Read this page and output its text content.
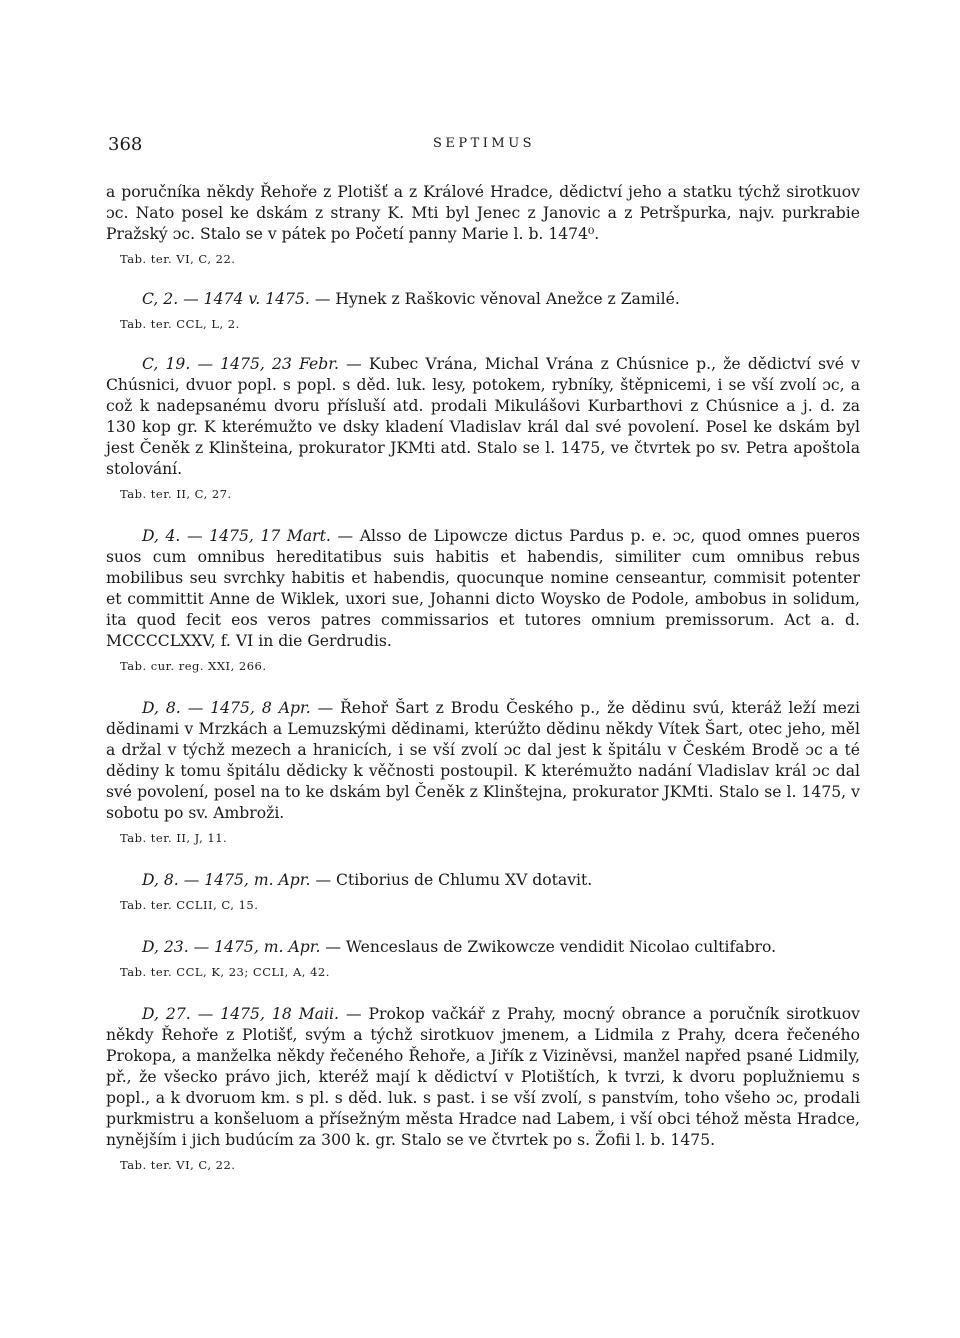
368	SEPTIMUS

a poručníka někdy Řehoře z Plotišť a z Králové Hradce, dědictví jeho a statku týchž sirotkuov ɔc. Nato posel ke dskám z strany K. Mti byl Jenec z Janovic a z Petršpurka, najv. purkrabie Pražský ɔc. Stalo se v pátek po Početí panny Marie l. b. 1474⁰.

Tab. ter. VI, C, 22.

C, 2. — 1474 v. 1475. — Hynek z Raškovic věnoval Anežce z Zamilé.

Tab. ter. CCL, L, 2.

C, 19. — 1475, 23 Febr. — Kubec Vrána, Michal Vrána z Chúsnice p., že dědictví své v Chúsnici, dvuor popl. s popl. s děd. luk. lesy, potokem, rybníky, štěpnicemi, i se vší zvolí ɔc, a což k nadepsanému dvoru přísluší atd. prodali Mikulášovi Kurbarthovi z Chúsnice a j. d. za 130 kop gr. K kterémužto ve dsky kladení Vladislav král dal své povolení. Posel ke dskám byl jest Čeněk z Klinšteina, prokurator JKMti atd. Stalo se l. 1475, ve čtvrtek po sv. Petra apoštola stolování.

Tab. ter. II, C, 27.

D, 4. — 1475, 17 Mart. — Alsso de Lipowcze dictus Pardus p. e. ɔc, quod omnes pueros suos cum omnibus hereditatibus suis habitis et habendis, similiter cum omnibus rebus mobilibus seu svrchky habitis et habendis, quocunque nomine censeantur, commisit potenter et committit Anne de Wiklek, uxori sue, Johanni dicto Woysko de Podole, ambobus in solidum, ita quod fecit eos veros patres commissarios et tutores omnium premissorum. Act a. d. MCCCCLXXV, f. VI in die Gerdrudis.

Tab. cur. reg. XXI, 266.

D, 8. — 1475, 8 Apr. — Řehoř Šart z Brodu Českého p., že dědinu svú, kteráž leží mezi dědinami v Mrzkách a Lemuzskými dědinami, kterúžto dědinu někdy Vítek Šart, otec jeho, měl a držal v týchž mezech a hranicích, i se vší zvolí ɔc dal jest k špitálu v Českém Brodě ɔc a té dědiny k tomu špitálu dědicky k věčnosti postoupil. K kterémužto nadání Vladislav král ɔc dal své povolení, posel na to ke dskám byl Čeněk z Klinštejna, prokurator JKMti. Stalo se l. 1475, v sobotu po sv. Ambroži.

Tab. ter. II, J, 11.

D, 8. — 1475, m. Apr. — Ctiborius de Chlumu XV dotavit.

Tab. ter. CCLII, C, 15.

D, 23. — 1475, m. Apr. — Wenceslaus de Zwikowcze vendidit Nicolao cultifabro.

Tab. ter. CCL, K, 23; CCLI, A, 42.

D, 27. — 1475, 18 Maii. — Prokop vačkář z Prahy, mocný obrance a poručník sirotkuov někdy Řehoře z Plotišť, svým a týchž sirotkuov jmenem, a Lidmila z Prahy, dcera řečeného Prokopa, a manželka někdy řečeného Řehoře, a Jiřík z Viziněvsi, manžel napřed psané Lidmily, př., že všecko právo jich, kteréž mají k dědictví v Plotištích, k tvrzi, k dvoru poplužniemu s popl., a k dvoruom km. s pl. s děd. luk. s past. i se vší zvolí, s panstvím, toho všeho ɔc, prodali purkmistru a konšeluom a přísežným města Hradce nad Labem, i vší obci téhož města Hradce, nynějším i jich budúcím za 300 k. gr. Stalo se ve čtvrtek po s. Žofii l. b. 1475.

Tab. ter. VI, C, 22.
